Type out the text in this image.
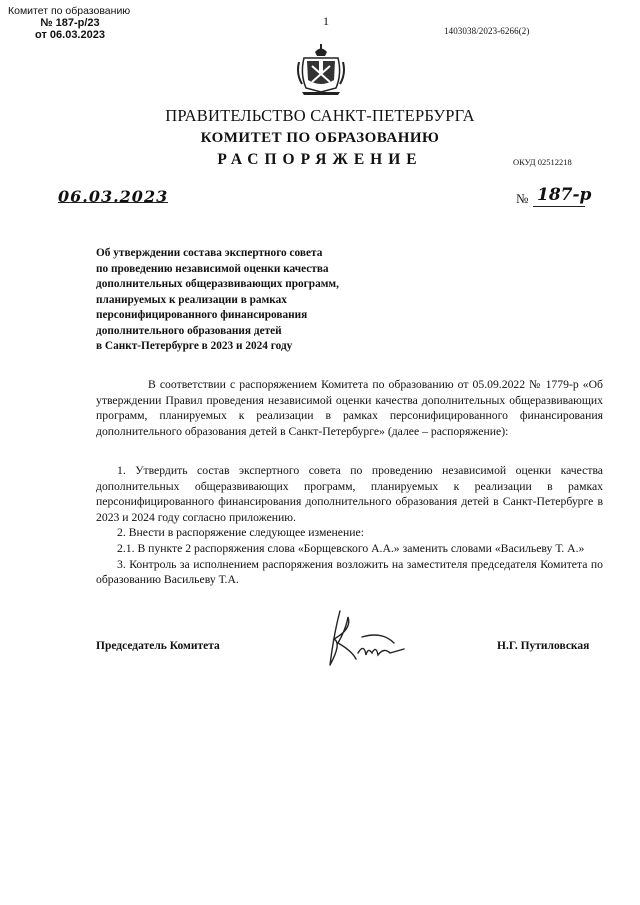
Комитет по образованию
№ 187-р/23
от 06.03.2023
1
1403038/2023-6266(2)
ПРАВИТЕЛЬСТВО САНКТ-ПЕТЕРБУРГА
КОМИТЕТ ПО ОБРАЗОВАНИЮ
РАСПОРЯЖЕНИЕ	ОКУД 02512218
06.03.2023	№ 187-р
Об утверждении состава экспертного совета
по проведению независимой оценки качества
дополнительных общеразвивающих программ,
планируемых к реализации в рамках
персонифицированного финансирования
дополнительного образования детей
в Санкт-Петербурге в 2023 и 2024 году

В соответствии с распоряжением Комитета по образованию от 05.09.2022 № 1779-р «Об утверждении Правил проведения независимой оценки качества дополнительных общеразвивающих программ, планируемых к реализации в рамках персонифицированного финансирования дополнительного образования детей в Санкт-Петербурге» (далее – распоряжение):

1. Утвердить состав экспертного совета по проведению независимой оценки качества дополнительных общеразвивающих программ, планируемых к реализации в рамках персонифицированного финансирования дополнительного образования детей в Санкт-Петербурге в 2023 и 2024 году согласно приложению.

2. Внести в распоряжение следующее изменение:

2.1. В пункте 2 распоряжения слова «Борщевского А.А.» заменить словами «Васильеву Т. А.»

3. Контроль за исполнением распоряжения возложить на заместителя председателя Комитета по образованию Васильеву Т.А.

Председатель Комитета	Н.Г. Путиловская
